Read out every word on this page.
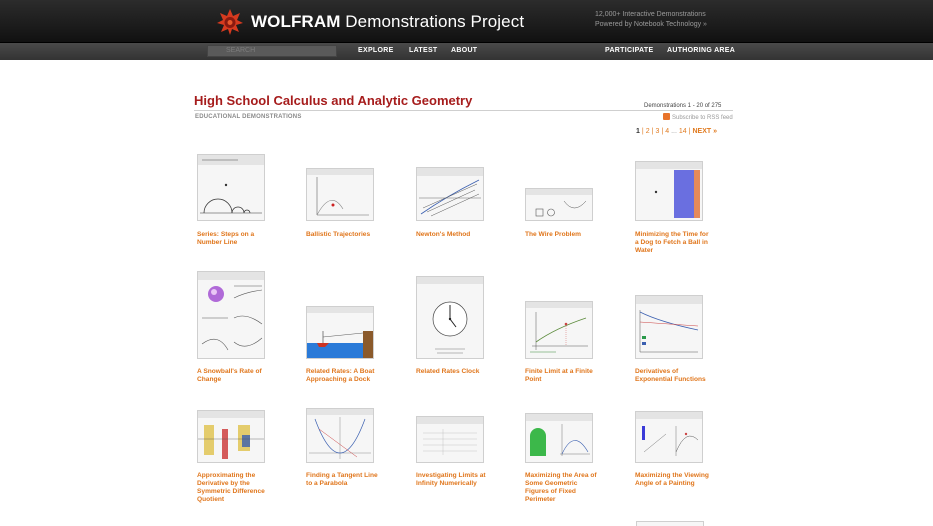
WOLFRAM Demonstrations Project	12,000+ Interactive Demonstrations
Powered by Notebook Technology »
SEARCH	EXPLORE LATEST ABOUT	PARTICIPATE AUTHORING AREA
High School Calculus and Analytic Geometry
EDUCATIONAL DEMONSTRATIONS
Demonstrations 1 - 20 of 275
Subscribe to RSS feed
1 | 2 | 3 | 4 ... 14 | NEXT »
Series: Steps on a Number Line
Ballistic Trajectories	Newton's Method	The Wire Problem	Minimizing the Time for a Dog to Fetch a Ball in Water
A Snowball's Rate of Change
Related Rates: A Boat Approaching a Dock
Related Rates Clock	Finite Limit at a Finite Point
Derivatives of Exponential Functions
Approximating the Derivative by the Symmetric Difference Quotient
Finding a Tangent Line to a Parabola
Investigating Limits at Infinity Numerically
Maximizing the Area of Some Geometric Figures of Fixed Perimeter
Maximizing the Viewing Angle of a Painting
